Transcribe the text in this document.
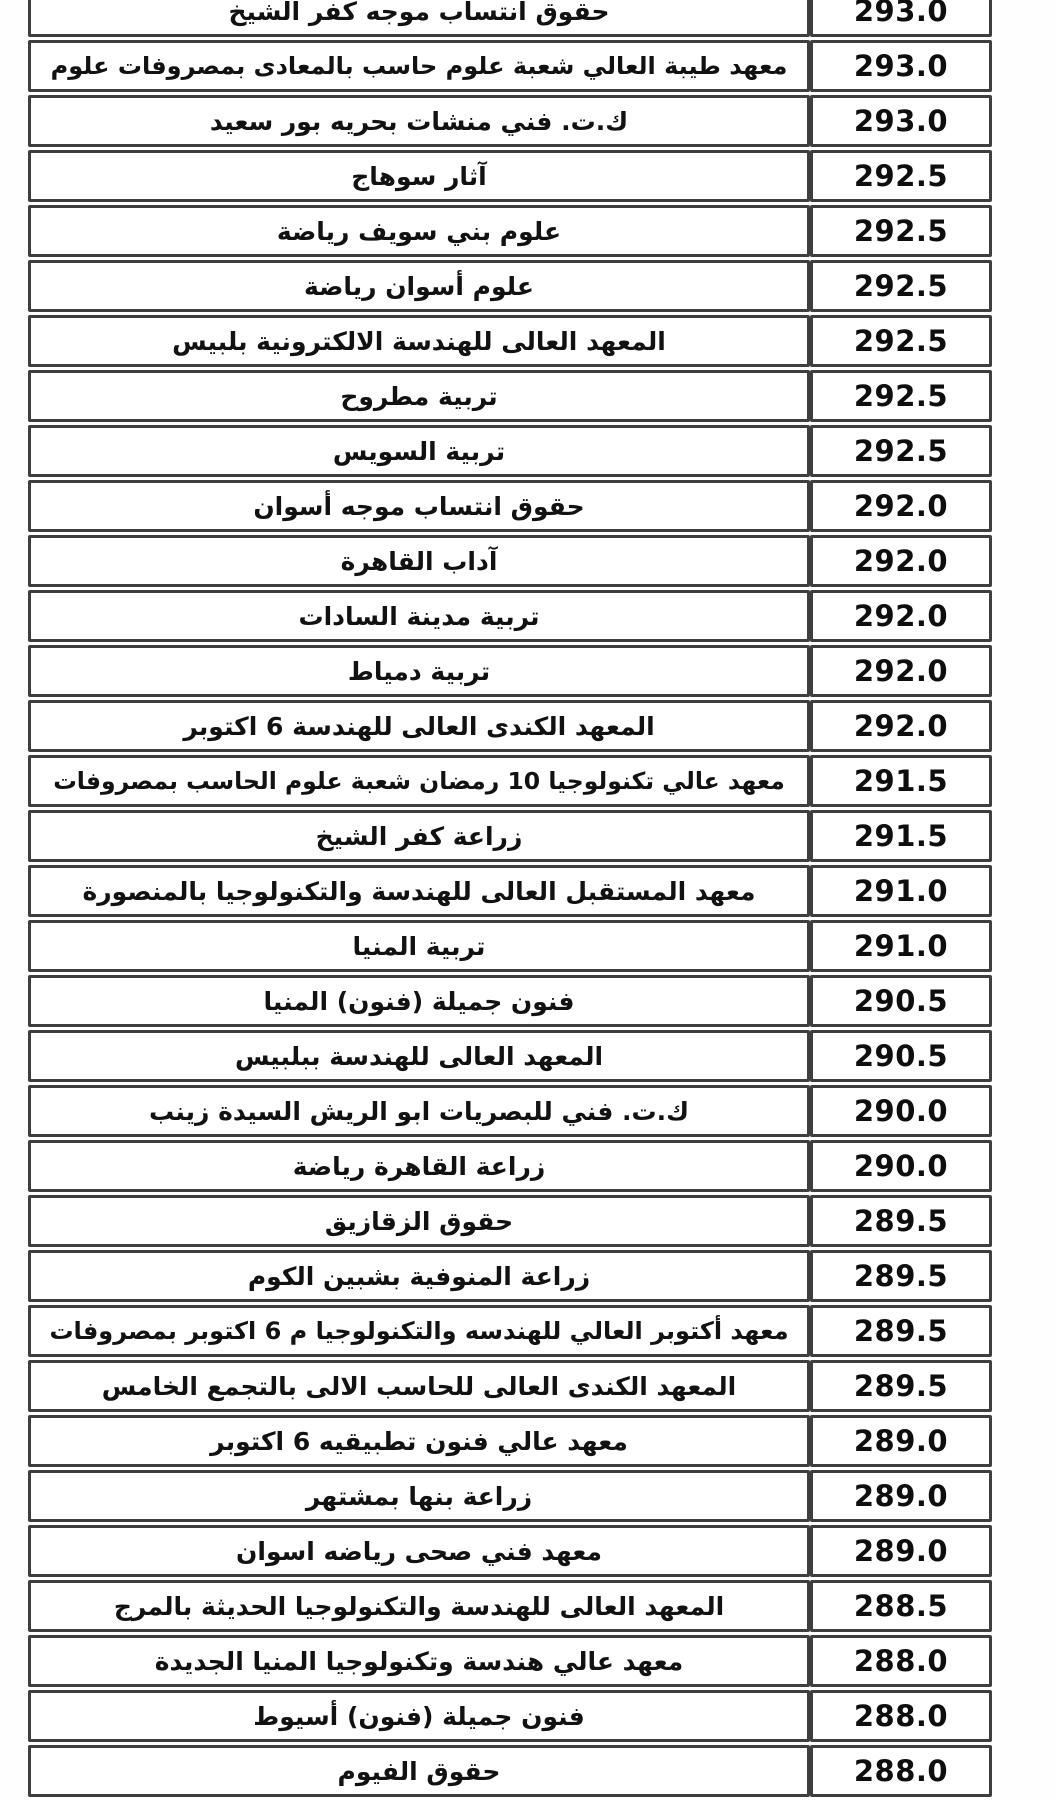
حقوق انتساب موجه كفر الشيخ	293.0
معهد طيبة العالي شعبة علوم حاسب بالمعادى بمصروفات علوم	293.0
ك.ت. فني منشات بحريه بور سعيد	293.0
آثار سوهاج	292.5
علوم بني سويف رياضة	292.5
علوم أسوان رياضة	292.5
المعهد العالى للهندسة الالكترونية بلبيس	292.5
تربية مطروح	292.5
تربية السويس	292.5
حقوق انتساب موجه أسوان	292.0
آداب القاهرة	292.0
تربية مدينة السادات	292.0
تربية دمياط	292.0
المعهد الكندى العالى للهندسة 6 اكتوبر	292.0
معهد عالي تكنولوجيا 10 رمضان شعبة علوم الحاسب بمصروفات	291.5
زراعة كفر الشيخ	291.5
معهد المستقبل العالى للهندسة والتكنولوجيا بالمنصورة	291.0
تربية المنيا	291.0
فنون جميلة (فنون) المنيا	290.5
المعهد العالى للهندسة ببلبيس	290.5
ك.ت. فني للبصريات ابو الريش السيدة زينب	290.0
زراعة القاهرة رياضة	290.0
حقوق الزقازيق	289.5
زراعة المنوفية بشبين الكوم	289.5
معهد أكتوبر العالي للهندسه والتكنولوجيا م 6 اكتوبر بمصروفات	289.5
المعهد الكندى العالى للحاسب الالى بالتجمع الخامس	289.5
معهد عالي فنون تطبيقيه 6 اكتوبر	289.0
زراعة بنها بمشتهر	289.0
معهد فني صحى رياضه اسوان	289.0
المعهد العالى للهندسة والتكنولوجيا الحديثة بالمرج	288.5
معهد عالي هندسة وتكنولوجيا المنيا الجديدة	288.0
فنون جميلة (فنون) أسيوط	288.0
حقوق الفيوم	288.0
